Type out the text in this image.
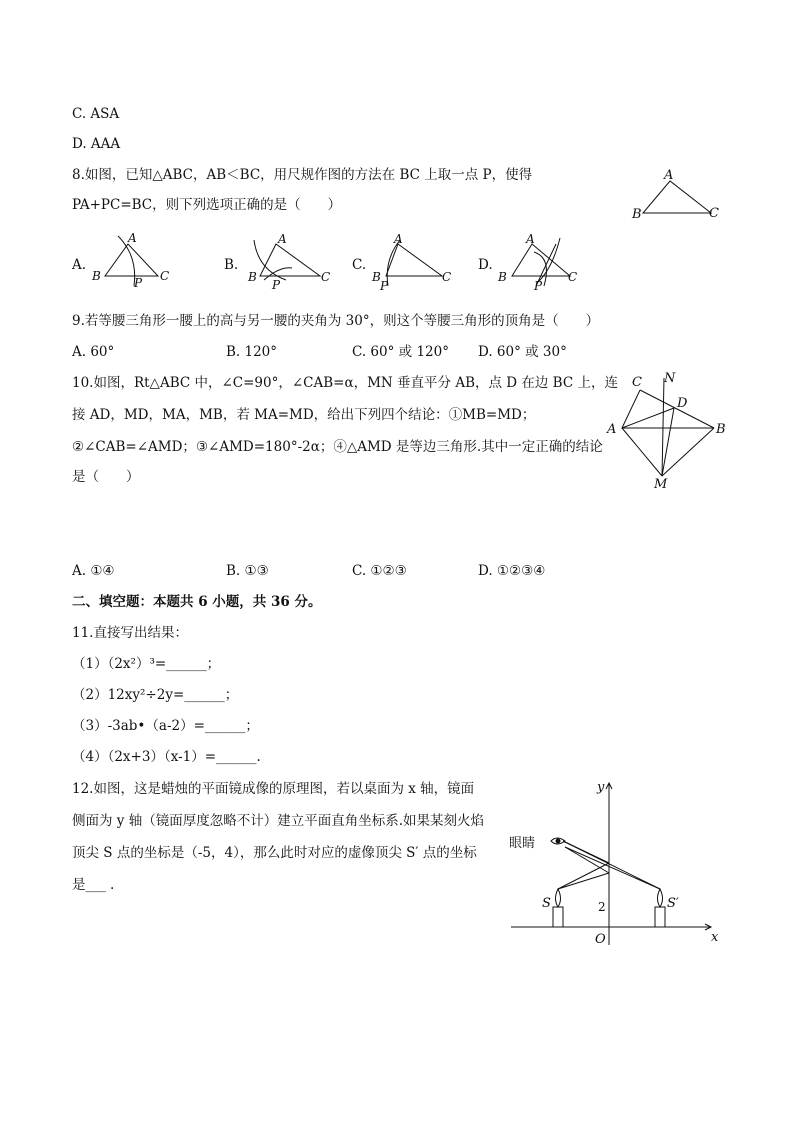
C. ASA
D. AAA
8.如图，已知△ABC，AB＜BC，用尺规作图的方法在 BC 上取一点 P，使得
PA+PC=BC，则下列选项正确的是（　　）
A
B	C
A.
A
B	C
P
B.
A
B	C
P
C.
A
B	C
P
D.
A
B	C
P
9.若等腰三角形一腰上的高与另一腰的夹角为 30°，则这个等腰三角形的顶角是（　　）
A. 60°	B. 120°	C. 60° 或 120° D. 60° 或 30°
10.如图，Rt△ABC 中，∠C=90°，∠CAB=α，MN 垂直平分 AB，点 D 在边 BC 上，连
接 AD，MD，MA，MB，若 MA=MD，给出下列四个结论：①MB=MD；
②∠CAB=∠AMD；③∠AMD=180°-2α；④△AMD 是等边三角形.其中一定正确的结论
是（　　）
C N
D
A	B
M
A. ①④	B. ①③	C. ①②③	D. ①②③④
二、填空题：本题共 6 小题，共 36 分。
11.直接写出结果：
（1）（2x²）³=______；
（2）12xy²÷2y=______；
（3）-3ab•（a-2）=______；
（4）（2x+3）（x-1）=______.
12.如图，这是蜡烛的平面镜成像的原理图，若以桌面为 x 轴，镜面
侧面为 y 轴（镜面厚度忽略不计）建立平面直角坐标系.如果某刻火焰
顶尖 S 点的坐标是（-5，4），那么此时对应的虚像顶尖 S′ 点的坐标
是___ .
眼睛
y
x
O
2
S	S′
